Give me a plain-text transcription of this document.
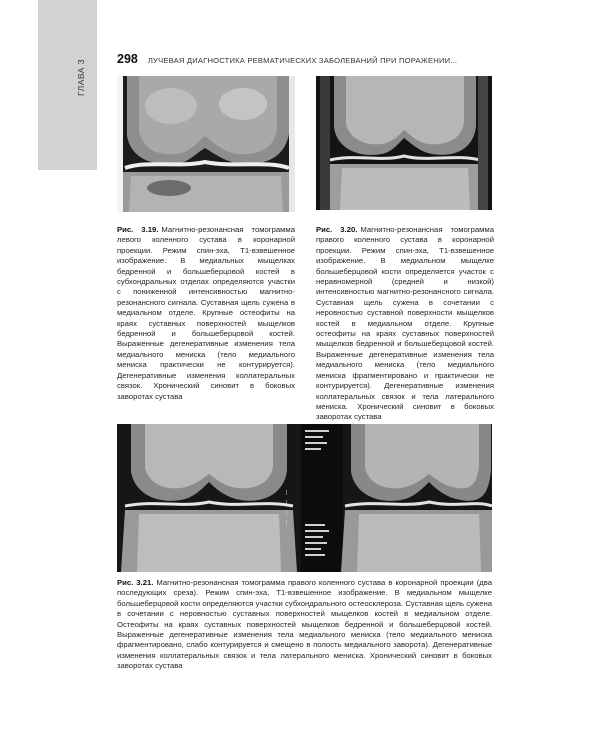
ГЛАВА 3	298 ЛУЧЕВАЯ ДИАГНОСТИКА РЕВМАТИЧЕСКИХ ЗАБОЛЕВАНИЙ ПРИ ПОРАЖЕНИИ...
Рис. 3.19. Магнитно-резонансная томограмма левого коленного сустава в коронарной проекции. Режим спин-эха, Т1-взвешенное изображение. В медиальных мыщелках бедренной и большеберцовой костей в субхондральных отделах определяются участки с пониженной интенсивностью магнитно-резонансного сигнала. Суставная щель сужена в медиальном отделе. Крупные остеофиты на краях суставных поверхностей мыщелков бедренной и большеберцовой костей. Выраженные дегенеративные изменения тела медиального мениска (тело медиального мениска практически не контурируется). Дегенеративные изменения коллатеральных связок. Хронический синовит в боковых заворотах сустава
Рис. 3.20. Магнитно-резонансная томограмма правого коленного сустава в коронарной проекции. Режим спин-эха, Т1-взвешенное изображение. В медиальном мыщелке большеберцовой кости определяется участок с неравномерной (средней и низкой) интенсивностью магнитно-резонансного сигнала. Суставная щель сужена в сочетании с неровностью суставной поверхности мыщелков костей в медиальном отделе. Крупные остеофиты на краях суставных поверхностей мыщелков бедренной и большеберцовой костей. Выраженные дегенеративные изменения тела медиального мениска (тело медиального мениска фрагментировано и практически не контурируется). Дегенеративные изменения коллатеральных связок и тела латерального мениска. Хронический синовит в боковых заворотах сустава
|
|
|
|
Рис. 3.21. Магнитно-резонансная томограмма правого коленного сустава в коронарной проекции (два последующих среза). Режим спин-эха, Т1-взвешенное изображение. В медиальном мыщелке большеберцовой кости определяются участки субхондрального остеосклероза. Суставная щель сужена в сочетании с неровностью суставных поверхностей мыщелков костей в медиальном отделе. Остеофиты на краях суставных поверхностей мыщелков бедренной и большеберцовой костей. Выраженные дегенеративные изменения тела медиального мениска (тело медиального мениска фрагментировано, слабо контурируется и смещено в полость медиального заворота). Дегенеративные изменения коллатеральных связок и тела латерального мениска. Хронический синовит в боковых заворотах сустава
